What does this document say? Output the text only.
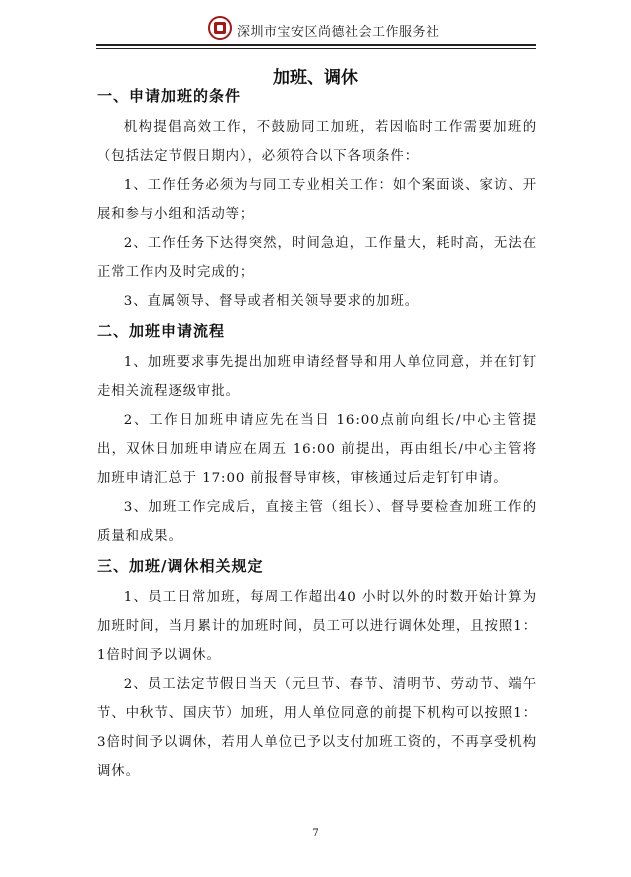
深圳市宝安区尚德社会工作服务社
加班、调休
一、申请加班的条件

机构提倡高效工作，不鼓励同工加班，若因临时工作需要加班的（包括法定节假日期内），必须符合以下各项条件：

1、工作任务必须为与同工专业相关工作：如个案面谈、家访、开展和参与小组和活动等；

2、工作任务下达得突然，时间急迫，工作量大，耗时高，无法在正常工作内及时完成的；

3、直属领导、督导或者相关领导要求的加班。

二、加班申请流程

1、加班要求事先提出加班申请经督导和用人单位同意，并在钉钉走相关流程逐级审批。

2、工作日加班申请应先在当日 16:00点前向组长/中心主管提出，双休日加班申请应在周五 16:00 前提出，再由组长/中心主管将加班申请汇总于 17:00 前报督导审核，审核通过后走钉钉申请。

3、加班工作完成后，直接主管（组长）、督导要检查加班工作的质量和成果。

三、加班/调休相关规定

1、员工日常加班，每周工作超出40 小时以外的时数开始计算为加班时间，当月累计的加班时间，员工可以进行调休处理，且按照1：1倍时间予以调休。

2、员工法定节假日当天（元旦节、春节、清明节、劳动节、端午节、中秋节、国庆节）加班，用人单位同意的前提下机构可以按照1：3倍时间予以调休，若用人单位已予以支付加班工资的，不再享受机构调休。

7
